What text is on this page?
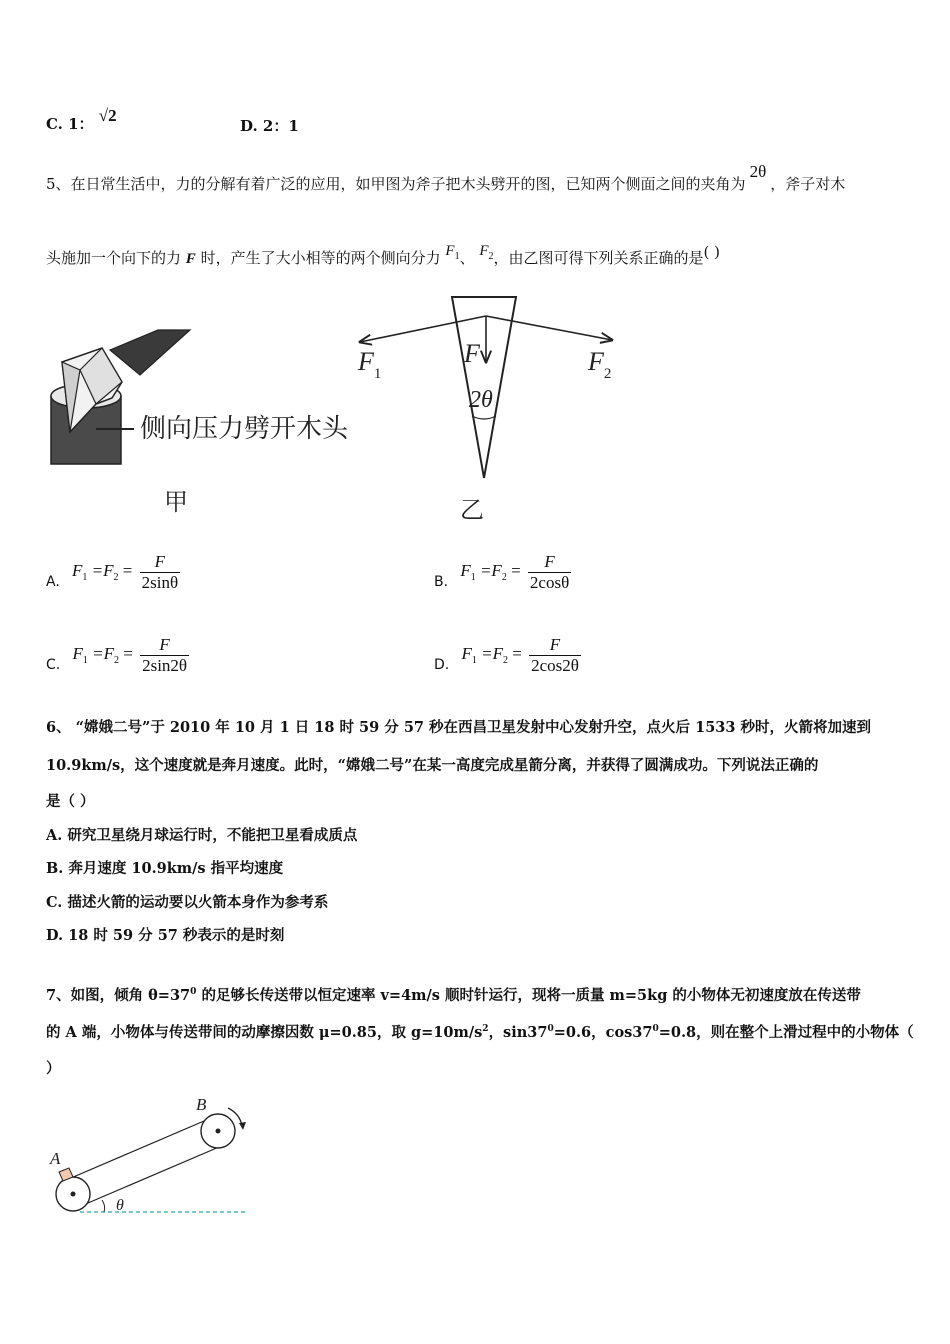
C. 1： √2
D. 2：1
5、在日常生活中，力的分解有着广泛的应用，如甲图为斧子把木头劈开的图，已知两个侧面之间的夹角为2θ，斧子对木
头施加一个向下的力 F 时，产生了大小相等的两个侧向分力 $F_1$、 $F_2$，由乙图可得下列关系正确的是( )
侧向压力劈开木头
甲
$F_1$
F	$F_2$
2θ
乙
$_{A.}$ $F_1 =F_2 = \frac{F}{2\sin\theta}$	$_{B.}$ $F_1 =F_2 = \frac{F}{2\cos\theta}$
$_{C.}$ $F_1 =F_2 = \frac{F}{2\sin 2\theta}$	$_{D.}$ $F_1 =F_2 = \frac{F}{2\cos 2\theta}$
6、 “嫦娥二号”于 2010 年 10 月 1 日 18 时 59 分 57 秒在西昌卫星发射中心发射升空，点火后 1533 秒时，火箭将加速到
10.9km/s，这个速度就是奔月速度。此时，“嫦娥二号”在某一高度完成星箭分离，并获得了圆满成功。下列说法正确的
是（ ）
A. 研究卫星绕月球运行时，不能把卫星看成质点
B. 奔月速度 10.9km/s 指平均速度
C. 描述火箭的运动要以火箭本身作为参考系
D. 18 时 59 分 57 秒表示的是时刻
7、如图，倾角 $\theta=37^0$ 的足够长传送带以恒定速率 v=4m/s 顺时针运行，现将一质量 m=5kg 的小物体无初速度放在传送带
的 A 端，小物体与传送带间的动摩擦因数 μ=0.85，取 $g=10m/s^2$，$\sin 37^0=0.6$，$\cos 37^0=0.8$，则在整个上滑过程中的小物体（
）
A
B
θ
